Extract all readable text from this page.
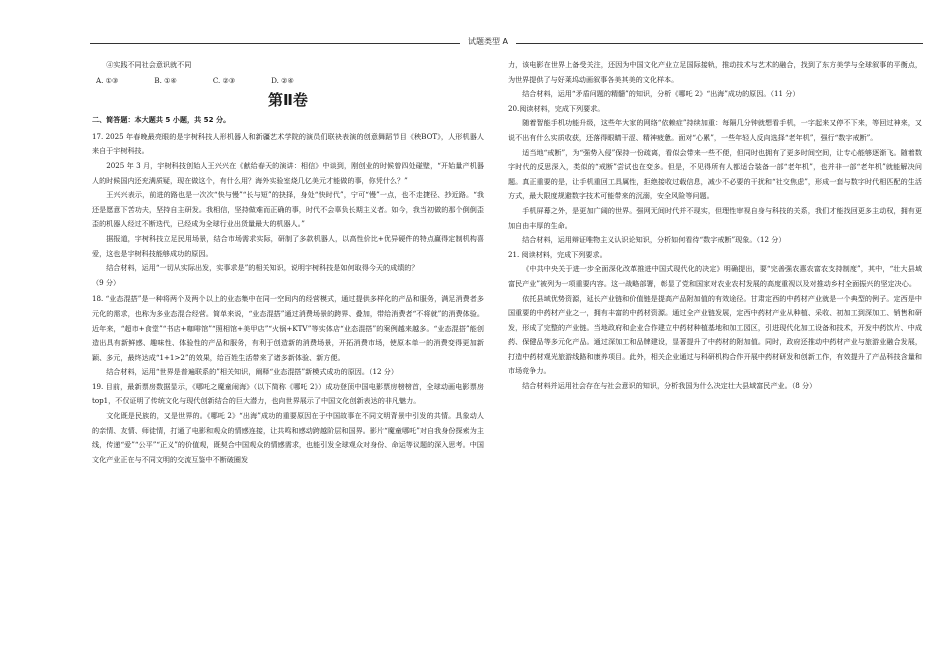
试题类型 A

④实践不同社会意识就不同

A. ①③	B. ①④	C. ②③	D. ②④
第Ⅱ卷

二、简答题：本大题共 5 小题，共 52 分。

17. 2025 年春晚最亮眼的是宇树科技人形机器人和新疆艺术学院的演员们联袂表演的创意舞蹈节目《秧BOT》，人形机器人来自于宇树科技。

2025 年 3 月，宇树科技创始人王兴兴在《献给春天的演讲：相信》中谈到，刚创业的时候曾四处碰壁，“开始量产机器人的时候国内还充满质疑，现在做这个，有什么用？海外实验室烧几亿美元才能做的事，你凭什么？”

王兴兴表示，前进的路也是一次次“快与慢”“长与短”的抉择，身处“快时代”，宁可“慢”一点，也不走捷径、抄近路。“我还是愿意下苦功夫，坚持自主研发。我相信，坚持做难而正确的事，时代不会辜负长期主义者。如今，我当初做的那个倒倒歪歪的机器人经过不断迭代，已经成为全球行业出货量最大的机器人。”

据报道，宇树科技立足民用场景，结合市场需求实际，研制了多款机器人，以高性价比+优异硬件的特点赢得定制机构喜爱，这也是宇树科技能够成功的原因。

结合材料，运用“一切从实际出发，实事求是”的相关知识，说明宇树科技是如何取得今天的成绩的？

（9 分）

18. “业态混搭”是一种将两个及两个以上的业态集中在同一空间内的经营模式，通过提供多样化的产品和服务，满足消费者多元化的需求，也称为多业态混合经营。简单来说，“业态混搭”通过消费场景的跨界、叠加，带给消费者“不将就”的消费体验。近年来，“超市+食堂”“书店+咖啡馆”“照相馆+美甲店”“火锅+KTV”等实体店“业态混搭”的案例越来越多。“业态混搭”能创造出具有新鲜感、趣味性、体验性的产品和服务，有利于创造新的消费场景，开拓消费市场，使原本单一的消费变得更加新颖、多元，最终达成“1+1>2”的效果，给百姓生活带来了诸多新体验、新方便。

结合材料，运用“世界是普遍联系的”相关知识，阐释“业态混搭”新模式成功的原因。（12 分）

19. 目前，最新票房数据显示，《哪吒之魔童闹海》（以下简称《哪吒 2》）成功登顶中国电影票房榜榜首，全球动画电影票房 top1，不仅证明了传统文化与现代创新结合的巨大潜力，也向世界展示了中国文化创新表达的非凡魅力。

文化既是民族的，又是世界的。《哪吒 2》“出海”成功的重要原因在于中国故事在不同文明背景中引发的共情。具象动人的亲情、友情、师徒情，打通了电影和观众的情感连接，让共鸣和感动跨越阶层和国界。影片“魔童哪吒”对自我身份探索为主线，传递“爱”“公平”“正义”的价值观，既契合中国观众的情感需求，也能引发全球观众对身份、命运等议题的深入思考。中国文化产业正在与不同文明的交流互鉴中不断破圈发

力，该电影在世界上备受关注，还因为中国文化产业立足国际接轨，推动技术与艺术的融合，找到了东方美学与全球叙事的平衡点，为世界提供了与好莱坞动画叙事各美其美的文化样本。

结合材料，运用“矛盾问题的精髓”的知识，分析《哪吒 2》“出海”成功的原因。（11 分）

20.阅读材料，完成下列要求。

随着智能手机功能升级，这些年大家的网络“依赖症”持续加重：每隔几分钟就想看手机，一字起来又停不下来，等回过神来，又说不出有什么实质收获，还落得眼睛干涩、精神疲惫。面对“心累”，一些年轻人反向选择“老年机”，强行“数字戒断”。

适当地“戒断”，为“强势入侵”保持一份疏离，看似会带来一些不便，但同时也拥有了更多时间空间，让专心能够逐渐飞。随着数字时代的反思深入，类似的“戒断”尝试也在变多。但是，不见得所有人都适合装备一部“老年机”，也并非一部“老年机”就能解决问题。真正重要的是，让手机重回工具属性，拒绝接收过载信息，减少不必要的干扰和“社交焦虑”，形成一套与数字时代相匹配的生活方式，最大限度规避数字技术可能带来的沉溺，安全风险等问题。

手机屏幕之外，是更加广阔的世界。强网无间时代并不现实，但理性审视自身与科技的关系，我们才能找回更多主动权，拥有更加自由丰厚的生命。

结合材料，运用辩证唯物主义认识论知识，分析如何看待“数字戒断”现象。（12 分）

21. 阅读材料，完成下列要求。

《中共中央关于进一步全面深化改革推进中国式现代化的决定》明确提出，要“完善强农惠农富农支持制度”，其中，“壮大县域富民产业”被列为一项重要内容。这一战略部署，彰显了党和国家对农业农村发展的高度重视以及对推动乡村全面振兴的坚定决心。

依托县域优势资源，延长产业链和价值链是提高产品附加值的有效途径。甘肃定西的中药材产业就是一个典型的例子。定西是中国重要的中药材产业之一，拥有丰富的中药材资源。通过全产业链发展，定西中药材产业从种植、采收、初加工到深加工、销售和研发，形成了完整的产业链。当地政府和企业合作建立中药材种植基地和加工园区，引进现代化加工设备和技术，开发中药饮片、中成药、保健品等多元化产品。通过深加工和品牌建设，显著提升了中药材的附加值。同时，政府还推动中药材产业与旅游业融合发展，打造中药材观光旅游线路和康养项目。此外，相关企业通过与科研机构合作开展中药材研发和创新工作，有效提升了产品科技含量和市场竞争力。

结合材料并运用社会存在与社会意识的知识，分析我国为什么决定壮大县域富民产业。（8 分）
